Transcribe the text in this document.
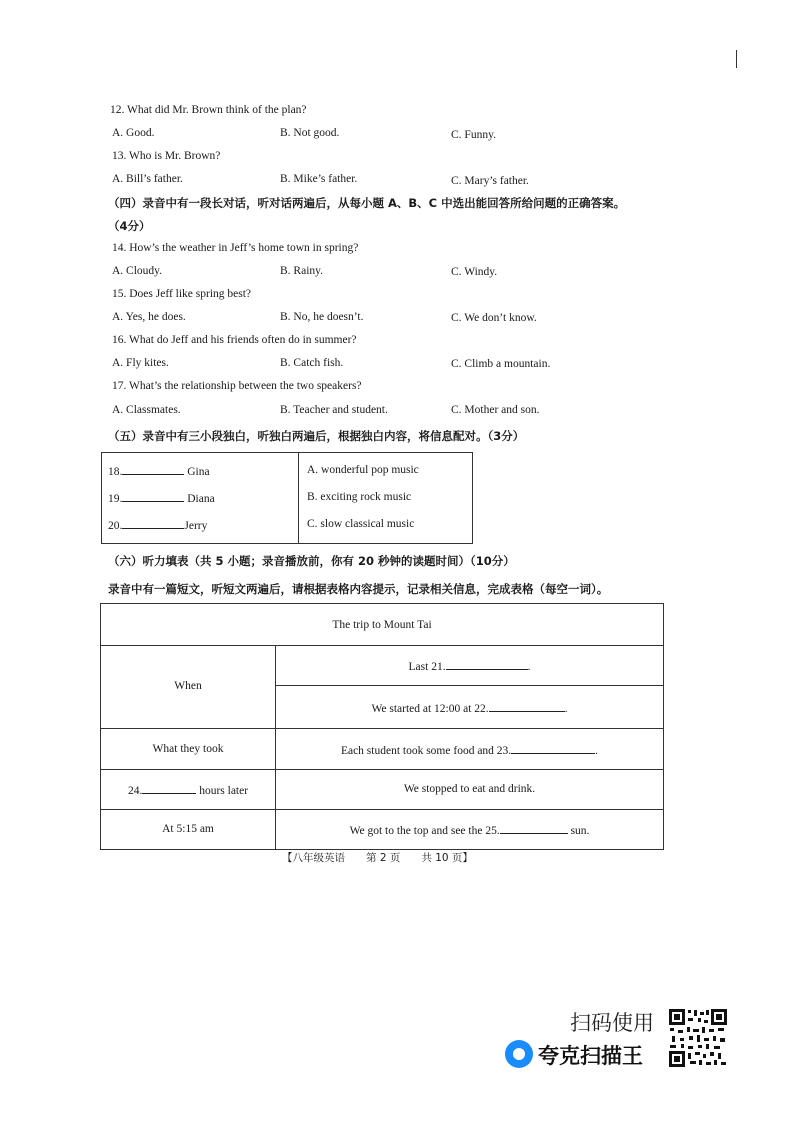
12. What did Mr. Brown think of the plan?
A. Good.	B. Not good.	C. Funny.
13. Who is Mr. Brown?
A. Bill’s father.	B. Mike’s father.	C. Mary’s father.
（四）录音中有一段长对话，听对话两遍后，从每小题 A、B、C 中选出能回答所给问题的正确答案。
（4分）
14. How’s the weather in Jeff’s home town in spring?
A. Cloudy.	B. Rainy.	C. Windy.
15. Does Jeff like spring best?
A. Yes, he does.	B. No, he doesn’t.	C. We don’t know.
16. What do Jeff and his friends often do in summer?
A. Fly kites.	B. Catch fish.	C. Climb a mountain.
17. What’s the relationship between the two speakers?
A. Classmates.	B. Teacher and student.	C. Mother and son.
（五）录音中有三小段独白，听独白两遍后，根据独白内容，将信息配对。（3分）
18.	Gina
19.	Diana
20.	Jerry
A. wonderful pop music
B. exciting rock music
C. slow classical music
（六）听力填表（共 5 小题；录音播放前，你有 20 秒钟的读题时间）（10分）
录音中有一篇短文，听短文两遍后，请根据表格内容提示，记录相关信息，完成表格（每空一词）。
The trip to Mount Tai
When
Last 21.	.
We started at 12:00 at 22.	.
What they took	Each student took some food and 23.	.
24.	hours later	We stopped to eat and drink.
At 5:15 am	We got to the top and see the 25.	sun.
【八年级英语　　第 2 页　　共 10 页】
扫码使用
夸克扫描王
